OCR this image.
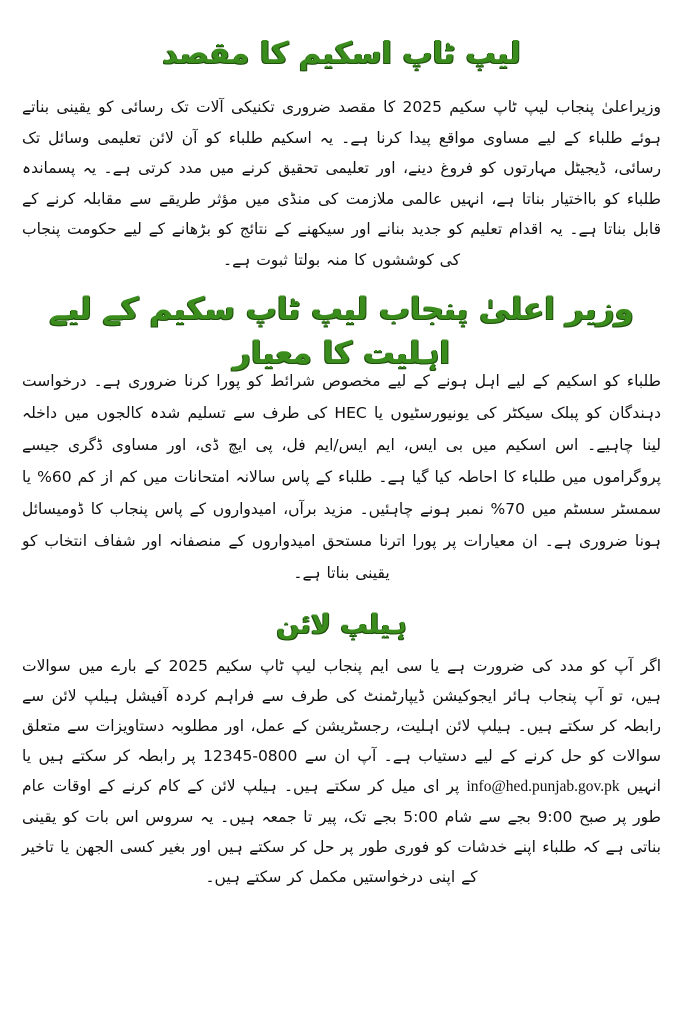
لیپ ٹاپ اسکیم کا مقصد

وزیراعلیٰ پنجاب لیپ ٹاپ سکیم 2025 کا مقصد ضروری تکنیکی آلات تک رسائی کو یقینی بناتے ہوئے طلباء کے لیے مساوی مواقع پیدا کرنا ہے۔ یہ اسکیم طلباء کو آن لائن تعلیمی وسائل تک رسائی، ڈیجیٹل مہارتوں کو فروغ دینے، اور تعلیمی تحقیق کرنے میں مدد کرتی ہے۔ یہ پسماندہ طلباء کو بااختیار بناتا ہے، انہیں عالمی ملازمت کی منڈی میں مؤثر طریقے سے مقابلہ کرنے کے قابل بناتا ہے۔ یہ اقدام تعلیم کو جدید بنانے اور سیکھنے کے نتائج کو بڑھانے کے لیے حکومت پنجاب کی کوششوں کا منہ بولتا ثبوت ہے۔

وزیر اعلیٰ پنجاب لیپ ٹاپ سکیم کے لیے اہلیت کا معیار

طلباء کو اسکیم کے لیے اہل ہونے کے لیے مخصوص شرائط کو پورا کرنا ضروری ہے۔ درخواست دہندگان کو پبلک سیکٹر کی یونیورسٹیوں یا HEC کی طرف سے تسلیم شدہ کالجوں میں داخلہ لینا چاہیے۔ اس اسکیم میں بی ایس، ایم ایس/ایم فل، پی ایچ ڈی، اور مساوی ڈگری جیسے پروگراموں میں طلباء کا احاطہ کیا گیا ہے۔ طلباء کے پاس سالانہ امتحانات میں کم از کم 60% یا سمسٹر سسٹم میں 70% نمبر ہونے چاہئیں۔ مزید برآں، امیدواروں کے پاس پنجاب کا ڈومیسائل ہونا ضروری ہے۔ ان معیارات پر پورا اترنا مستحق امیدواروں کے منصفانہ اور شفاف انتخاب کو یقینی بناتا ہے۔

ہیلپ لائن

اگر آپ کو مدد کی ضرورت ہے یا سی ایم پنجاب لیپ ٹاپ سکیم 2025 کے بارے میں سوالات ہیں، تو آپ پنجاب ہائر ایجوکیشن ڈیپارٹمنٹ کی طرف سے فراہم کردہ آفیشل ہیلپ لائن سے رابطہ کر سکتے ہیں۔ ہیلپ لائن اہلیت، رجسٹریشن کے عمل، اور مطلوبہ دستاویزات سے متعلق سوالات کو حل کرنے کے لیے دستیاب ہے۔ آپ ان سے 0800-12345 پر رابطہ کر سکتے ہیں یا انہیں info@hed.punjab.gov.pk پر ای میل کر سکتے ہیں۔ ہیلپ لائن کے کام کرنے کے اوقات عام طور پر صبح 9:00 بجے سے شام 5:00 بجے تک، پیر تا جمعہ ہیں۔ یہ سروس اس بات کو یقینی بناتی ہے کہ طلباء اپنے خدشات کو فوری طور پر حل کر سکتے ہیں اور بغیر کسی الجھن یا تاخیر کے اپنی درخواستیں مکمل کر سکتے ہیں۔
